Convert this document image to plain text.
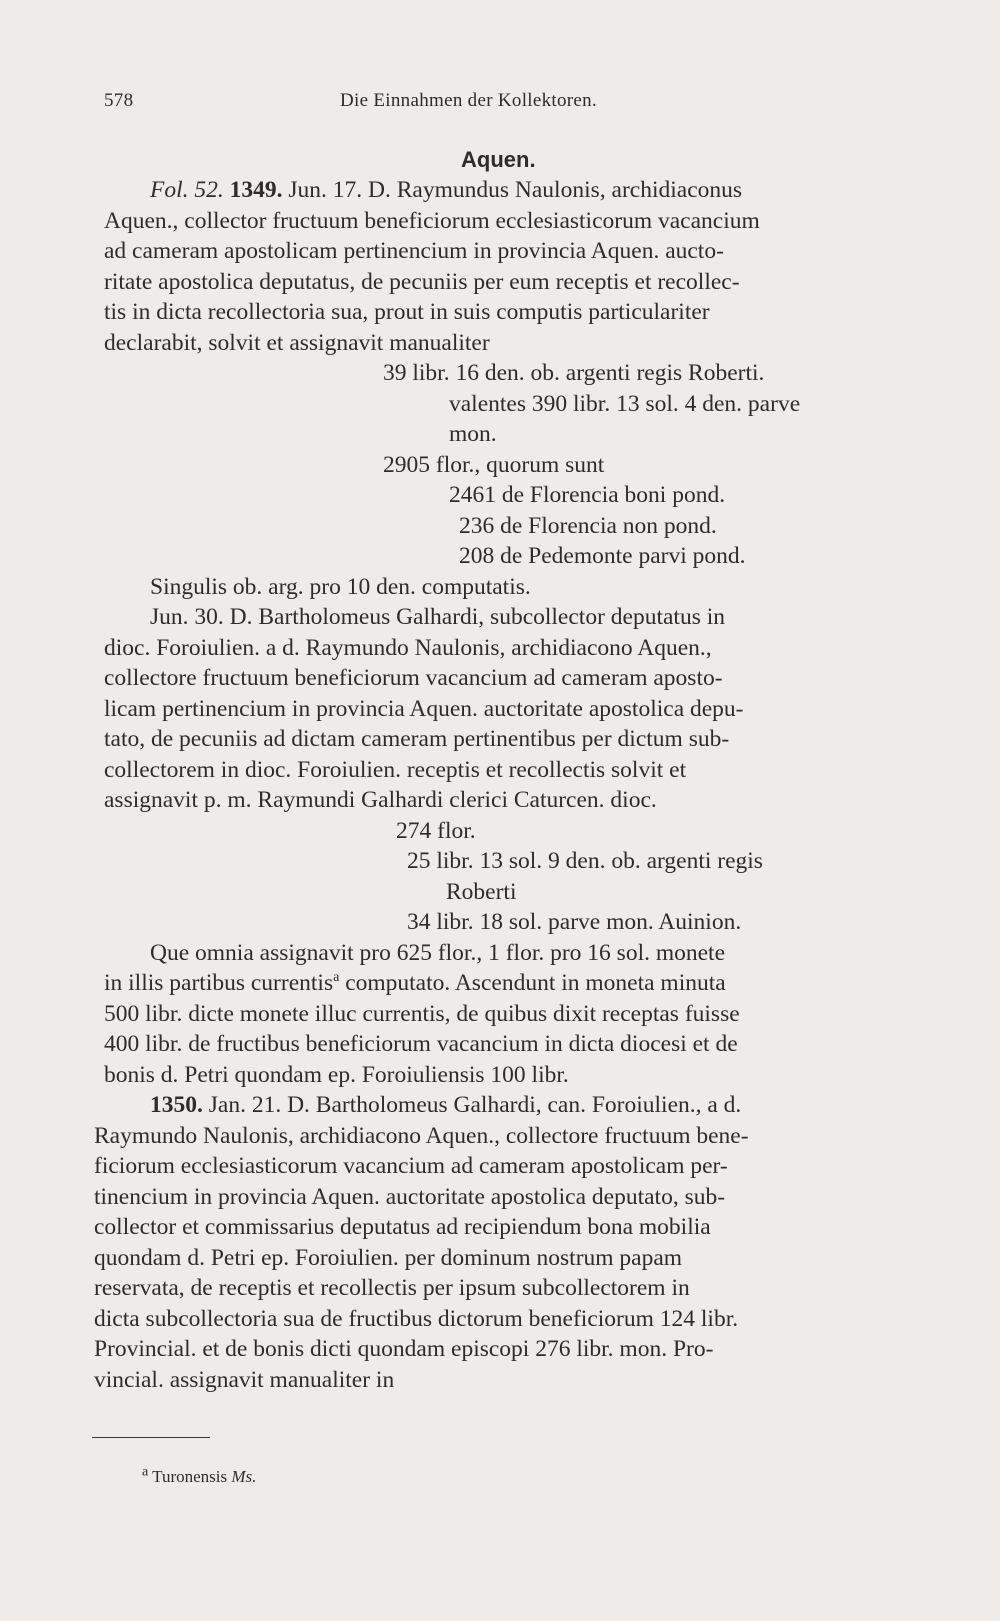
578	Die Einnahmen der Kollektoren.
Aquen.
Fol. 52. 1349. Jun. 17. D. Raymundus Naulonis, archidiaconus
Aquen., collector fructuum beneficiorum ecclesiasticorum vacancium
ad cameram apostolicam pertinencium in provincia Aquen. aucto-
ritate apostolica deputatus, de pecuniis per eum receptis et recollec-
tis in dicta recollectoria sua, prout in suis computis particulariter
declarabit, solvit et assignavit manualiter
39 libr. 16 den. ob. argenti regis Roberti.
valentes 390 libr. 13 sol. 4 den. parve
mon.
2905 flor., quorum sunt
2461 de Florencia boni pond.
236 de Florencia non pond.
208 de Pedemonte parvi pond.
Singulis ob. arg. pro 10 den. computatis.
Jun. 30. D. Bartholomeus Galhardi, subcollector deputatus in
dioc. Foroiulien. a d. Raymundo Naulonis, archidiacono Aquen.,
collectore fructuum beneficiorum vacancium ad cameram aposto-
licam pertinencium in provincia Aquen. auctoritate apostolica depu-
tato, de pecuniis ad dictam cameram pertinentibus per dictum sub-
collectorem in dioc. Foroiulien. receptis et recollectis solvit et
assignavit p. m. Raymundi Galhardi clerici Caturcen. dioc.
274 flor.
25 libr. 13 sol. 9 den. ob. argenti regis
Roberti
34 libr. 18 sol. parve mon. Auinion.
Que omnia assignavit pro 625 flor., 1 flor. pro 16 sol. monete
in illis partibus currentis$^a$ computato. Ascendunt in moneta minuta
500 libr. dicte monete illuc currentis, de quibus dixit receptas fuisse
400 libr. de fructibus beneficiorum vacancium in dicta diocesi et de
bonis d. Petri quondam ep. Foroiuliensis 100 libr.
1350. Jan. 21. D. Bartholomeus Galhardi, can. Foroiulien., a d.
Raymundo Naulonis, archidiacono Aquen., collectore fructuum bene-
ficiorum ecclesiasticorum vacancium ad cameram apostolicam per-
tinencium in provincia Aquen. auctoritate apostolica deputato, sub-
collector et commissarius deputatus ad recipiendum bona mobilia
quondam d. Petri ep. Foroiulien. per dominum nostrum papam
reservata, de receptis et recollectis per ipsum subcollectorem in
dicta subcollectoria sua de fructibus dictorum beneficiorum 124 libr.
Provincial. et de bonis dicti quondam episcopi 276 libr. mon. Pro-
vincial. assignavit manualiter in
$^a$ Turonensis Ms.
